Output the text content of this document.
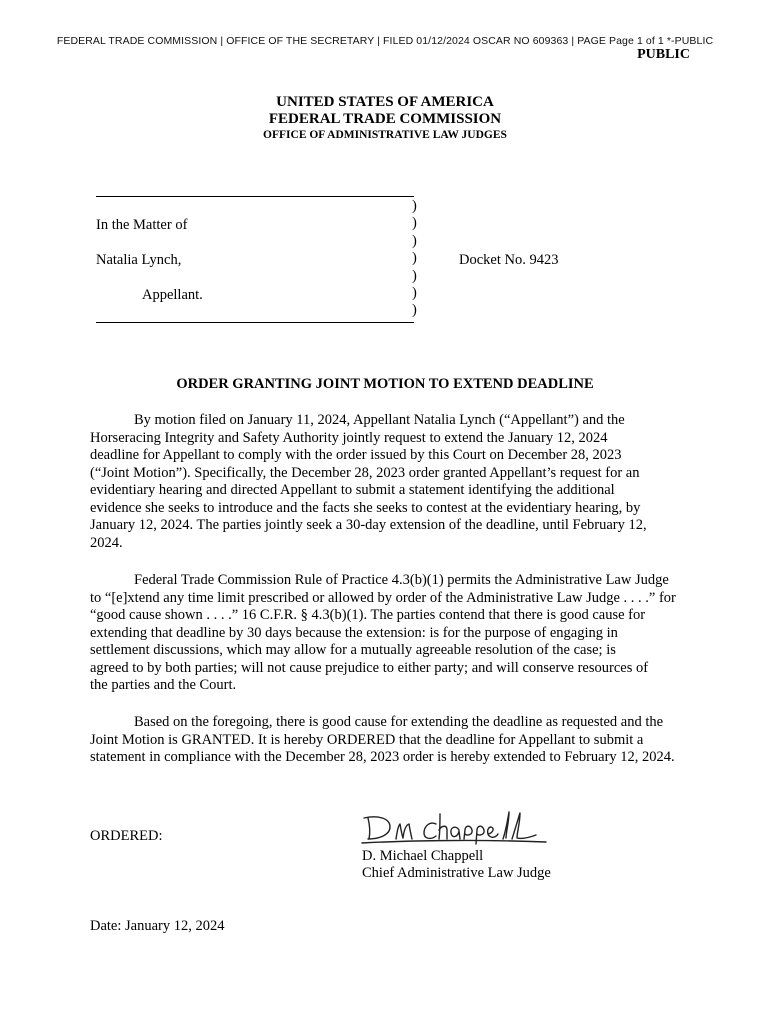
FEDERAL TRADE COMMISSION | OFFICE OF THE SECRETARY | FILED 01/12/2024 OSCAR NO 609363 | PAGE Page 1 of 1 *-PUBLIC
PUBLIC
UNITED STATES OF AMERICA
FEDERAL TRADE COMMISSION
OFFICE OF ADMINISTRATIVE LAW JUDGES
)
)
)
)
)
)
)
In the Matter of
Natalia Lynch,
Appellant.
Docket No. 9423
ORDER GRANTING JOINT MOTION TO EXTEND DEADLINE

By motion filed on January 11, 2024, Appellant Natalia Lynch (“Appellant”) and the
Horseracing Integrity and Safety Authority jointly request to extend the January 12, 2024
deadline for Appellant to comply with the order issued by this Court on December 28, 2023
(“Joint Motion”). Specifically, the December 28, 2023 order granted Appellant’s request for an
evidentiary hearing and directed Appellant to submit a statement identifying the additional
evidence she seeks to introduce and the facts she seeks to contest at the evidentiary hearing, by
January 12, 2024. The parties jointly seek a 30-day extension of the deadline, until February 12,
2024.

Federal Trade Commission Rule of Practice 4.3(b)(1) permits the Administrative Law Judge
to “[e]xtend any time limit prescribed or allowed by order of the Administrative Law Judge . . . .” for
“good cause shown . . . .” 16 C.F.R. § 4.3(b)(1). The parties contend that there is good cause for
extending that deadline by 30 days because the extension: is for the purpose of engaging in
settlement discussions, which may allow for a mutually agreeable resolution of the case; is
agreed to by both parties; will not cause prejudice to either party; and will conserve resources of
the parties and the Court.

Based on the foregoing, there is good cause for extending the deadline as requested and the
Joint Motion is GRANTED. It is hereby ORDERED that the deadline for Appellant to submit a
statement in compliance with the December 28, 2023 order is hereby extended to February 12, 2024.

ORDERED:
D. Michael Chappell
Chief Administrative Law Judge
Date: January 12, 2024
